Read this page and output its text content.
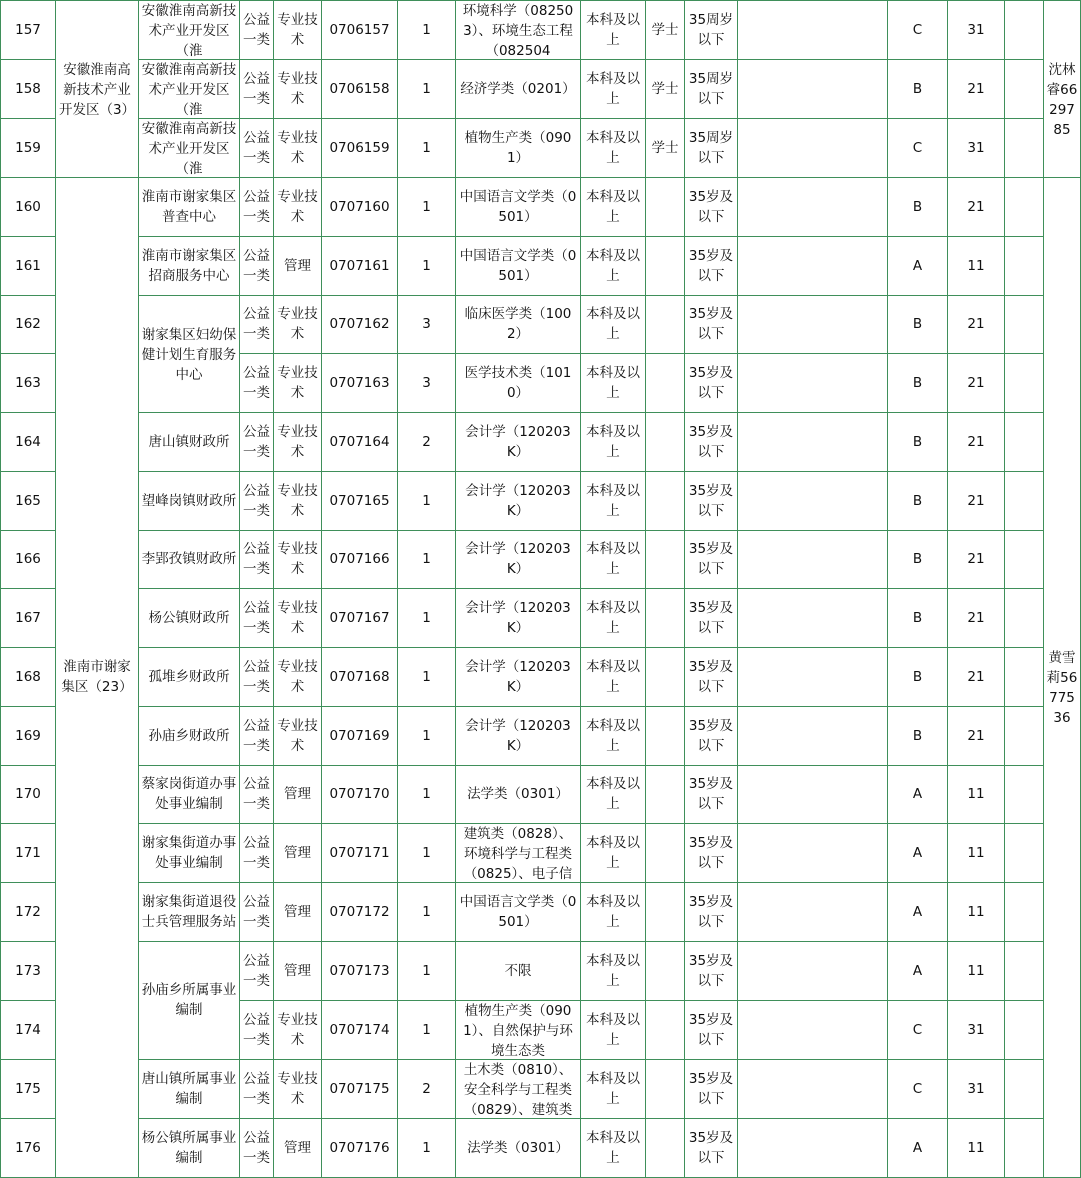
157	安徽淮南高新技术产业开发区（3）	安徽淮南高新技术产业开发区（淮	公益一类	专业技术	0706157	1	环境科学（082503）、环境生态工程（082504	本科及以上	学士	35周岁以下		C	31		沈林睿6629785

158		安徽淮南高新技术产业开发区（淮	公益一类	专业技术	0706158	1	经济学类（0201）	本科及以上	学士	35周岁以下		B	21		

159		安徽淮南高新技术产业开发区（淮	公益一类	专业技术	0706159	1	植物生产类（0901）	本科及以上	学士	35周岁以下		C	31		

160	淮南市谢家集区（23）	淮南市谢家集区普查中心	公益一类	专业技术	0707160	1	中国语言文学类（0501）	本科及以上		35岁及以下		B	21		黄雪莉5677536

161		淮南市谢家集区招商服务中心	公益一类	管理	0707161	1	中国语言文学类（0501）	本科及以上		35岁及以下		A	11		

162		谢家集区妇幼保健计划生育服务中心	公益一类	专业技术	0707162	3	临床医学类（1002）	本科及以上		35岁及以下		B	21		

163			公益一类	专业技术	0707163	3	医学技术类（1010）	本科及以上		35岁及以下		B	21		

164		唐山镇财政所	公益一类	专业技术	0707164	2	会计学（120203K）	本科及以上		35岁及以下		B	21		

165		望峰岗镇财政所	公益一类	专业技术	0707165	1	会计学（120203K）	本科及以上		35岁及以下		B	21		

166		李郢孜镇财政所	公益一类	专业技术	0707166	1	会计学（120203K）	本科及以上		35岁及以下		B	21		

167		杨公镇财政所	公益一类	专业技术	0707167	1	会计学（120203K）	本科及以上		35岁及以下		B	21		

168		孤堆乡财政所	公益一类	专业技术	0707168	1	会计学（120203K）	本科及以上		35岁及以下		B	21		

169		孙庙乡财政所	公益一类	专业技术	0707169	1	会计学（120203K）	本科及以上		35岁及以下		B	21		

170		蔡家岗街道办事处事业编制	公益一类	管理	0707170	1	法学类（0301）	本科及以上		35岁及以下		A	11		

171		谢家集街道办事处事业编制	公益一类	管理	0707171	1	建筑类（0828）、环境科学与工程类（0825）、电子信	本科及以上		35岁及以下		A	11		

172		谢家集街道退役士兵管理服务站	公益一类	管理	0707172	1	中国语言文学类（0501）	本科及以上		35岁及以下		A	11		

173		孙庙乡所属事业编制	公益一类	管理	0707173	1	不限	本科及以上		35岁及以下		A	11		

174			公益一类	专业技术	0707174	1	植物生产类（0901）、自然保护与环境生态类	本科及以上		35岁及以下		C	31		

175		唐山镇所属事业编制	公益一类	专业技术	0707175	2	土木类（0810）、安全科学与工程类（0829）、建筑类	本科及以上		35岁及以下		C	31		

176		杨公镇所属事业编制	公益一类	管理	0707176	1	法学类（0301）	本科及以上		35岁及以下		A	11		
